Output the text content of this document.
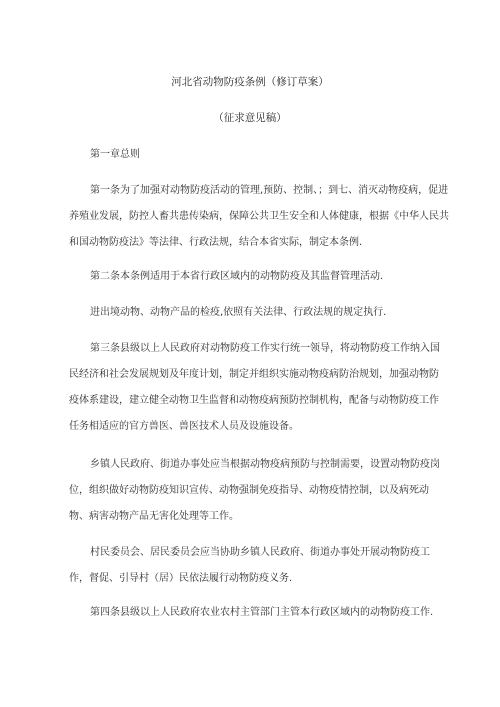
河北省动物防疫条例（修订草案）
（征求意见稿）
第一章总则
第一条为了加强对动物防疫活动的管理,预防、控制、；到七、消灭动物疫病，促进
养殖业发展，防控人畜共患传染病，保障公共卫生安全和人体健康，根据《中华人民共
和国动物防疫法》等法律、行政法规，结合本省实际，制定本条例.
第二条本条例适用于本省行政区域内的动物防疫及其监督管理活动.
进出境动物、动物产品的检疫,依照有关法律、行政法规的规定执行.
第三条县级以上人民政府对动物防疫工作实行统一领导，将动物防疫工作纳入国
民经济和社会发展规划及年度计划，制定并组织实施动物疫病防治规划，加强动物防
疫体系建设，建立健全动物卫生监督和动物疫病预防控制机构，配备与动物防疫工作
任务相适应的官方兽医、兽医技术人员及设施设备。
乡镇人民政府、街道办事处应当根据动物疫病预防与控制需要，设置动物防疫岗
位，组织做好动物防疫知识宣传、动物强制免疫指导、动物疫情控制，以及病死动
物、病害动物产品无害化处理等工作。
村民委员会、居民委员会应当协助乡镇人民政府、街道办事处开展动物防疫工
作，督促、引导村（居）民依法履行动物防疫义务.
第四条县级以上人民政府农业农村主管部门主管本行政区域内的动物防疫工作.
